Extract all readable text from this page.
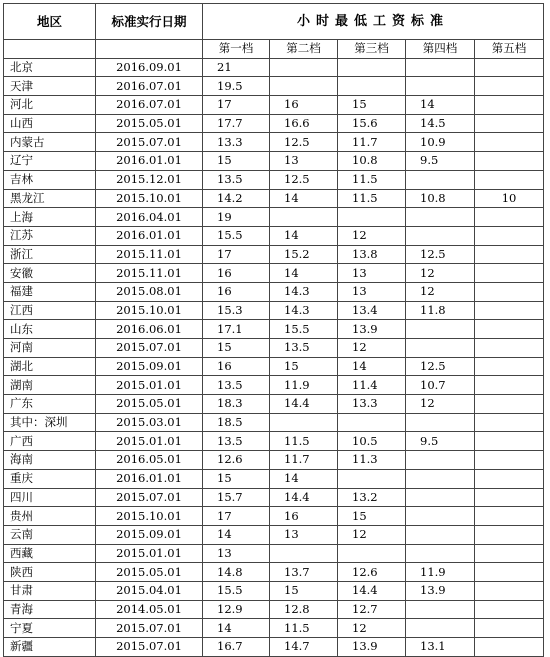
地区	标准实行日期	小时最低工资标准				

		第一档	第二档	第三档	第四档	第五档
北京	2016.09.01	21				
天津	2016.07.01	19.5				
河北	2016.07.01	17	16	15	14	
山西	2015.05.01	17.7	16.6	15.6	14.5	
内蒙古	2015.07.01	13.3	12.5	11.7	10.9	
辽宁	2016.01.01	15	13	10.8	9.5	
吉林	2015.12.01	13.5	12.5	11.5		
黑龙江	2015.10.01	14.2	14	11.5	10.8	10
上海	2016.04.01	19				
江苏	2016.01.01	15.5	14	12		
浙江	2015.11.01	17	15.2	13.8	12.5	
安徽	2015.11.01	16	14	13	12	
福建	2015.08.01	16	14.3	13	12	
江西	2015.10.01	15.3	14.3	13.4	11.8	
山东	2016.06.01	17.1	15.5	13.9		
河南	2015.07.01	15	13.5	12		
湖北	2015.09.01	16	15	14	12.5	
湖南	2015.01.01	13.5	11.9	11.4	10.7	
广东	2015.05.01	18.3	14.4	13.3	12	
其中：深圳	2015.03.01	18.5				
广西	2015.01.01	13.5	11.5	10.5	9.5	
海南	2016.05.01	12.6	11.7	11.3		
重庆	2016.01.01	15	14			
四川	2015.07.01	15.7	14.4	13.2		
贵州	2015.10.01	17	16	15		
云南	2015.09.01	14	13	12		
西藏	2015.01.01	13				
陕西	2015.05.01	14.8	13.7	12.6	11.9	
甘肃	2015.04.01	15.5	15	14.4	13.9	
青海	2014.05.01	12.9	12.8	12.7		
宁夏	2015.07.01	14	11.5	12		
新疆	2015.07.01	16.7	14.7	13.9	13.1	
